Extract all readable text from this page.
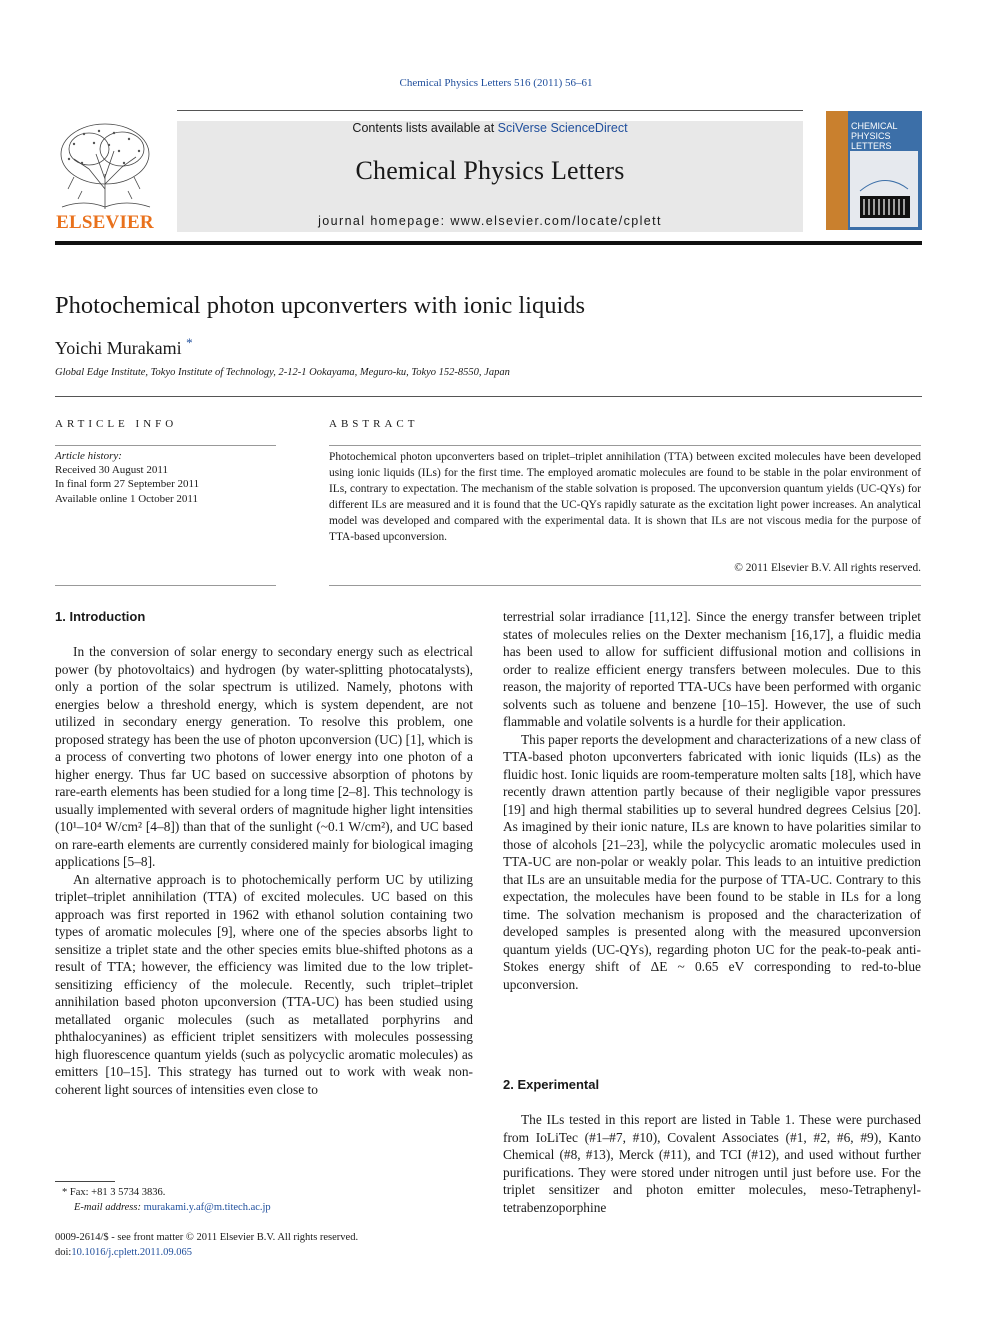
Chemical Physics Letters 516 (2011) 56–61
ELSEVIER
Contents lists available at SciVerse ScienceDirect
Chemical Physics Letters
journal homepage: www.elsevier.com/locate/cplett
CHEMICAL
PHYSICS
LETTERS
Photochemical photon upconverters with ionic liquids
Yoichi Murakami *
Global Edge Institute, Tokyo Institute of Technology, 2-12-1 Ookayama, Meguro-ku, Tokyo 152-8550, Japan
ARTICLE INFO
Article history:
Received 30 August 2011
In final form 27 September 2011
Available online 1 October 2011
ABSTRACT
Photochemical photon upconverters based on triplet–triplet annihilation (TTA) between excited molecules have been developed using ionic liquids (ILs) for the first time. The employed aromatic molecules are found to be stable in the polar environment of ILs, contrary to expectation. The mechanism of the stable solvation is proposed. The upconversion quantum yields (UC-QYs) for different ILs are measured and it is found that the UC-QYs rapidly saturate as the excitation light power increases. An analytical model was developed and compared with the experimental data. It is shown that ILs are not viscous media for the purpose of TTA-based upconversion.
© 2011 Elsevier B.V. All rights reserved.
1. Introduction

In the conversion of solar energy to secondary energy such as electrical power (by photovoltaics) and hydrogen (by water-splitting photocatalysts), only a portion of the solar spectrum is utilized. Namely, photons with energies below a threshold energy, which is system dependent, are not utilized in secondary energy generation. To resolve this problem, one proposed strategy has been the use of photon upconversion (UC) [1], which is a process of converting two photons of lower energy into one photon of a higher energy. Thus far UC based on successive absorption of photons by rare-earth elements has been studied for a long time [2–8]. This technology is usually implemented with several orders of magnitude higher light intensities (10¹–10⁴ W/cm² [4–8]) than that of the sunlight (~0.1 W/cm²), and UC based on rare-earth elements are currently considered mainly for biological imaging applications [5–8].

An alternative approach is to photochemically perform UC by utilizing triplet–triplet annihilation (TTA) of excited molecules. UC based on this approach was first reported in 1962 with ethanol solution containing two types of aromatic molecules [9], where one of the species absorbs light to sensitize a triplet state and the other species emits blue-shifted photons as a result of TTA; however, the efficiency was limited due to the low triplet-sensitizing efficiency of the molecule. Recently, such triplet–triplet annihilation based photon upconversion (TTA-UC) has been studied using metallated organic molecules (such as metallated porphyrins and phthalocyanines) as efficient triplet sensitizers with molecules possessing high fluorescence quantum yields (such as polycyclic aromatic molecules) as emitters [10–15]. This strategy has turned out to work with weak non-coherent light sources of intensities even close to

terrestrial solar irradiance [11,12]. Since the energy transfer between triplet states of molecules relies on the Dexter mechanism [16,17], a fluidic media has been used to allow for sufficient diffusional motion and collisions in order to realize efficient energy transfers between molecules. Due to this reason, the majority of reported TTA-UCs have been performed with organic solvents such as toluene and benzene [10–15]. However, the use of such flammable and volatile solvents is a hurdle for their application.

This paper reports the development and characterizations of a new class of TTA-based photon upconverters fabricated with ionic liquids (ILs) as the fluidic host. Ionic liquids are room-temperature molten salts [18], which have recently drawn attention partly because of their negligible vapor pressures [19] and high thermal stabilities up to several hundred degrees Celsius [20]. As imagined by their ionic nature, ILs are known to have polarities similar to those of alcohols [21–23], while the polycyclic aromatic molecules used in TTA-UC are non-polar or weakly polar. This leads to an intuitive prediction that ILs are an unsuitable media for the purpose of TTA-UC. Contrary to this expectation, the molecules have been found to be stable in ILs for a long time. The solvation mechanism is proposed and the characterization of developed samples is presented along with the measured upconversion quantum yields (UC-QYs), regarding photon UC for the peak-to-peak anti-Stokes energy shift of ΔE ~ 0.65 eV corresponding to red-to-blue upconversion.

2. Experimental

The ILs tested in this report are listed in Table 1. These were purchased from IoLiTec (#1–#7, #10), Covalent Associates (#1, #2, #6, #9), Kanto Chemical (#8, #13), Merck (#11), and TCI (#12), and used without further purifications. They were stored under nitrogen until just before use. For the triplet sensitizer and photon emitter molecules, meso-Tetraphenyl-tetrabenzoporphine

* Fax: +81 3 5734 3836.
E-mail address: murakami.y.af@m.titech.ac.jp
0009-2614/$ - see front matter © 2011 Elsevier B.V. All rights reserved.
doi:10.1016/j.cplett.2011.09.065
